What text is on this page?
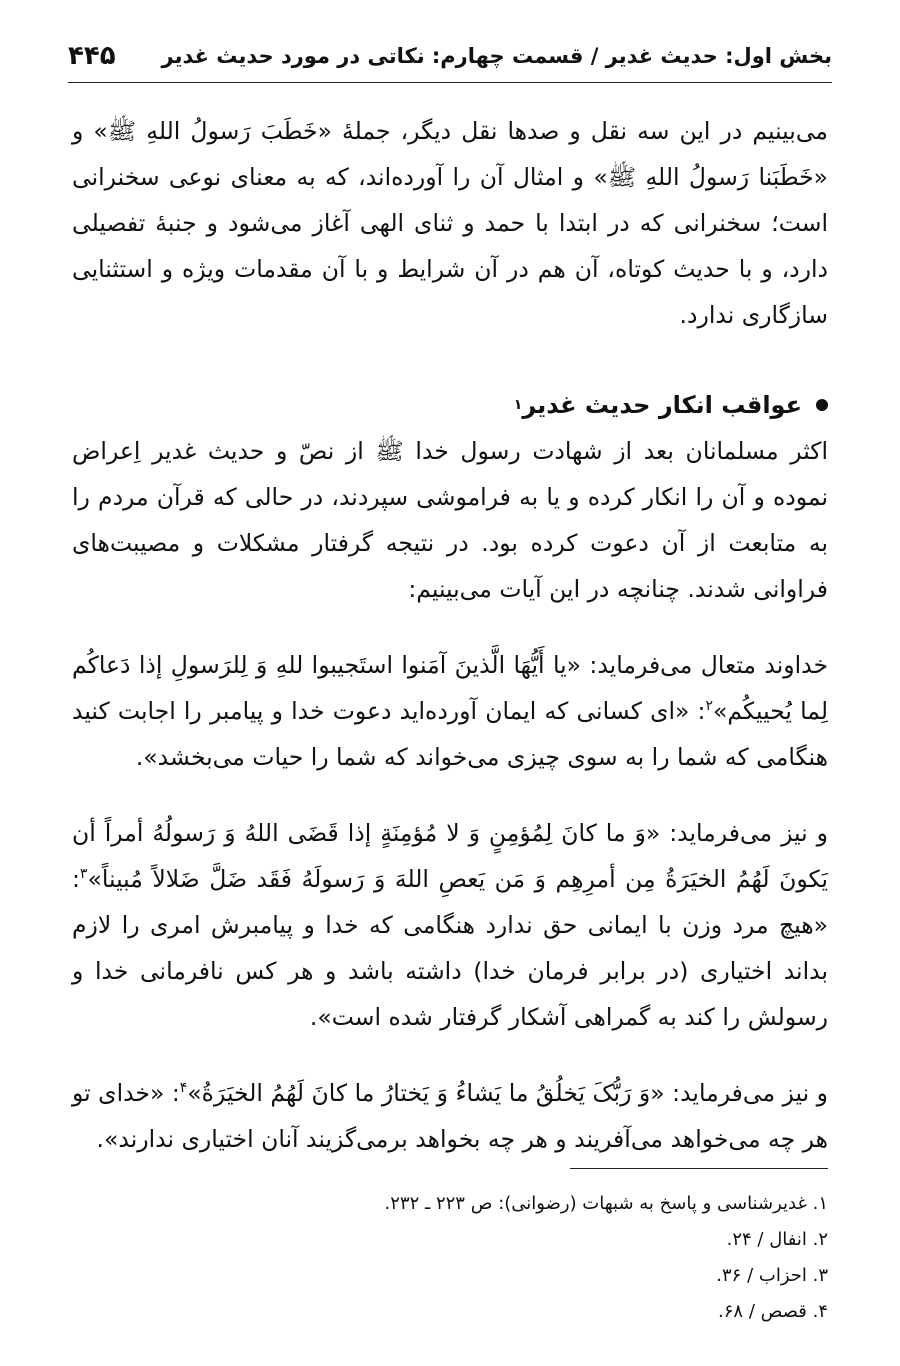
بخش اول: حدیث غدیر / قسمت چهارم: نکاتی در مورد حدیث غدیر
۴۴۵

می‌بینیم در این سه نقل و صدها نقل دیگر، جملهٔ «خَطَبَ رَسولُ اللهِ ﷺ» و «خَطَبَنا رَسولُ اللهِ ﷺ» و امثال آن را آورده‌اند، که به معنای نوعی سخنرانی است؛ سخنرانی که در ابتدا با حمد و ثنای الهی آغاز می‌شود و جنبهٔ تفصیلی دارد، و با حدیث کوتاه، آن هم در آن شرایط و با آن مقدمات ویژه و استثنایی سازگاری ندارد.

عواقب انکار حدیث غدیر
۱

اکثر مسلمانان بعد از شهادت رسول خدا ﷺ از نصّ و حدیث غدیر اِعراض نموده و آن را انکار کرده و یا به فراموشی سپردند، در حالی که قرآن مردم را به متابعت از آن دعوت کرده بود. در نتیجه گرفتار مشکلات و مصیبت‌های فراوانی شدند. چنانچه در این آیات می‌بینیم:

خداوند متعال می‌فرماید: «یا أَیُّهَا الَّذینَ آمَنوا استَجیبوا للهِ وَ لِلرَسولِ إذا دَعاکُم لِما یُحییکُم»$^۲$: «ای کسانی که ایمان آورده‌اید دعوت خدا و پیامبر را اجابت کنید هنگامی که شما را به سوی چیزی می‌خواند که شما را حیات می‌بخشد».

و نیز می‌فرماید: «وَ ما کانَ لِمُؤمِنٍ وَ لا مُؤمِنَةٍ إذا قَضَی اللهُ وَ رَسولُهُ أمراً أن یَکونَ لَهُمُ الخیَرَةُ مِن أمرِهِم وَ مَن یَعصِ اللهَ وَ رَسولَهُ فَقَد ضَلَّ ضَلالاً مُبیناً»$^۳$: «هیچ مرد وزن با ایمانی حق ندارد هنگامی که خدا و پیامبرش امری را لازم بداند اختیاری (در برابر فرمان خدا) داشته باشد و هر کس نافرمانی خدا و رسولش را کند به گمراهی آشکار گرفتار شده است».

و نیز می‌فرماید: «وَ رَبُّکَ یَخلُقُ ما یَشاءُ وَ یَختارُ ما کانَ لَهُمُ الخیَرَةُ»$^۴$: «خدای تو هر چه می‌خواهد می‌آفریند و هر چه بخواهد برمی‌گزیند آنان اختیاری ندارند».

۱. غدیرشناسی و پاسخ به شبهات (رضوانی): ص ۲۲۳ ـ ۲۳۲.

۲. انفال / ۲۴.

۳. احزاب / ۳۶.

۴. قصص / ۶۸.
